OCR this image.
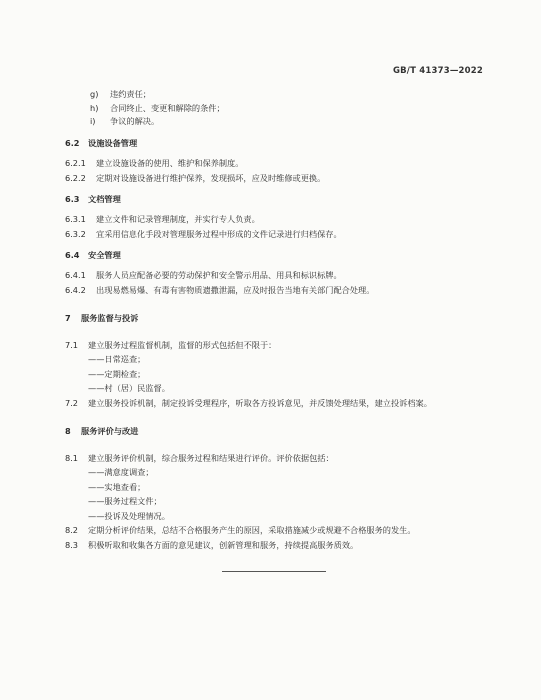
GB/T 41373—2022
g) 违约责任；
h) 合同终止、变更和解除的条件；
i) 争议的解决。
6.2 设施设备管理
6.2.1 建立设施设备的使用、维护和保养制度。
6.2.2 定期对设施设备进行维护保养，发现损坏，应及时维修或更换。
6.3 文档管理
6.3.1 建立文件和记录管理制度，并实行专人负责。
6.3.2 宜采用信息化手段对管理服务过程中形成的文件记录进行归档保存。
6.4 安全管理
6.4.1 服务人员应配备必要的劳动保护和安全警示用品、用具和标识标牌。
6.4.2 出现易燃易爆、有毒有害物质遗撒泄漏，应及时报告当地有关部门配合处理。
7 服务监督与投诉
7.1 建立服务过程监督机制，监督的形式包括但不限于：
——日常巡查；
——定期检查；
——村（居）民监督。
7.2 建立服务投诉机制，制定投诉受理程序，听取各方投诉意见，并反馈处理结果，建立投诉档案。
8 服务评价与改进
8.1 建立服务评价机制，综合服务过程和结果进行评价。评价依据包括：
——满意度调查；
——实地查看；
——服务过程文件；
——投诉及处理情况。
8.2 定期分析评价结果，总结不合格服务产生的原因，采取措施减少或规避不合格服务的发生。
8.3 积极听取和收集各方面的意见建议，创新管理和服务，持续提高服务质效。
